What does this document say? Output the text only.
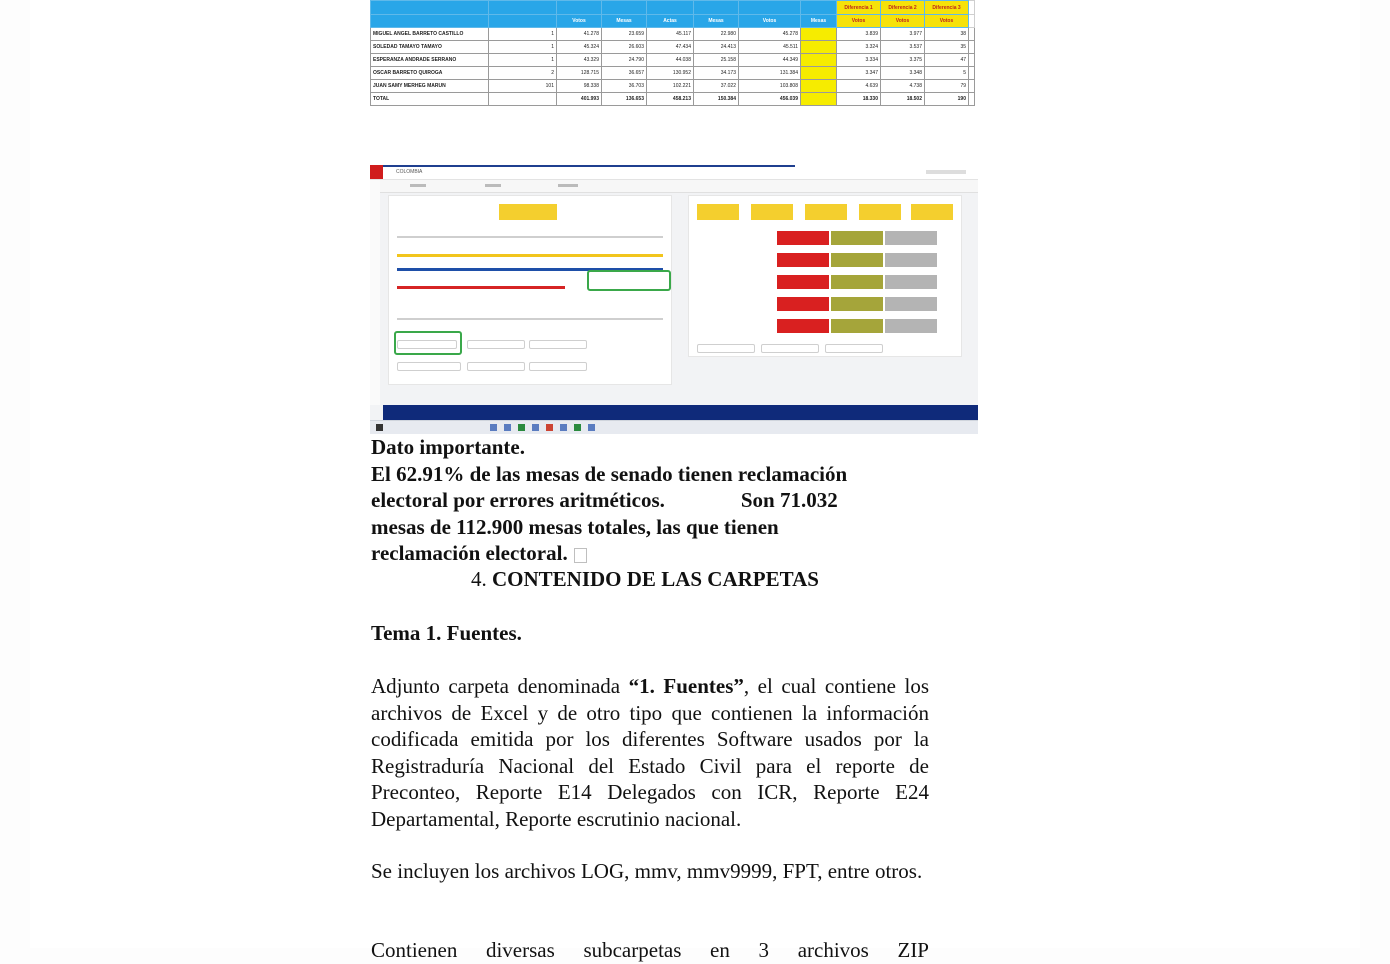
								Diferencia 1	Diferencia 2	Diferencia 3	
		Votos	Mesas	Actas	Mesas	Votos	Mesas	Votos	Votos	Votos	
MIGUEL ANGEL BARRETO CASTILLO	1	41.278	23.659	45.117	22.980	45.278		3.839	3.977	38	
SOLEDAD TAMAYO TAMAYO	1	45.324	26.603	47.434	24.413	45.511		3.324	3.537	35	
ESPERANZA ANDRADE SERRANO	1	43.329	24.790	44.038	25.158	44.349		3.334	3.375	47	
OSCAR BARRETO QUIROGA	2	128.715	36.657	130.952	34.173	131.384		3.347	3.348	5	
JUAN SAMY MERHEG MARUN	101	98.338	36.703	102.221	37.022	103.808		4.639	4.738	79	
TOTAL		401.993	136.653	458.213	150.384	456.039		18.330	18.502	190	
COLOMBIA
Dato importante.
El 62.91% de las mesas de senado tienen reclamación
electoral por errores aritméticos.	Son 71.032
mesas de 112.900 mesas totales, las que tienen
reclamación electoral.
4. CONTENIDO DE LAS CARPETAS
Tema 1. Fuentes.
Adjunto carpeta denominada “1. Fuentes”, el cual contiene los archivos de Excel y de otro tipo que contienen la información codificada emitida por los diferentes Software usados por la Registraduría Nacional del Estado Civil para el reporte de Preconteo, Reporte E14 Delegados con ICR, Reporte E24 Departamental, Reporte escrutinio nacional.
Se incluyen los archivos LOG, mmv, mmv9999, FPT, entre otros.
Contienen diversas subcarpetas en 3 archivos ZIP
